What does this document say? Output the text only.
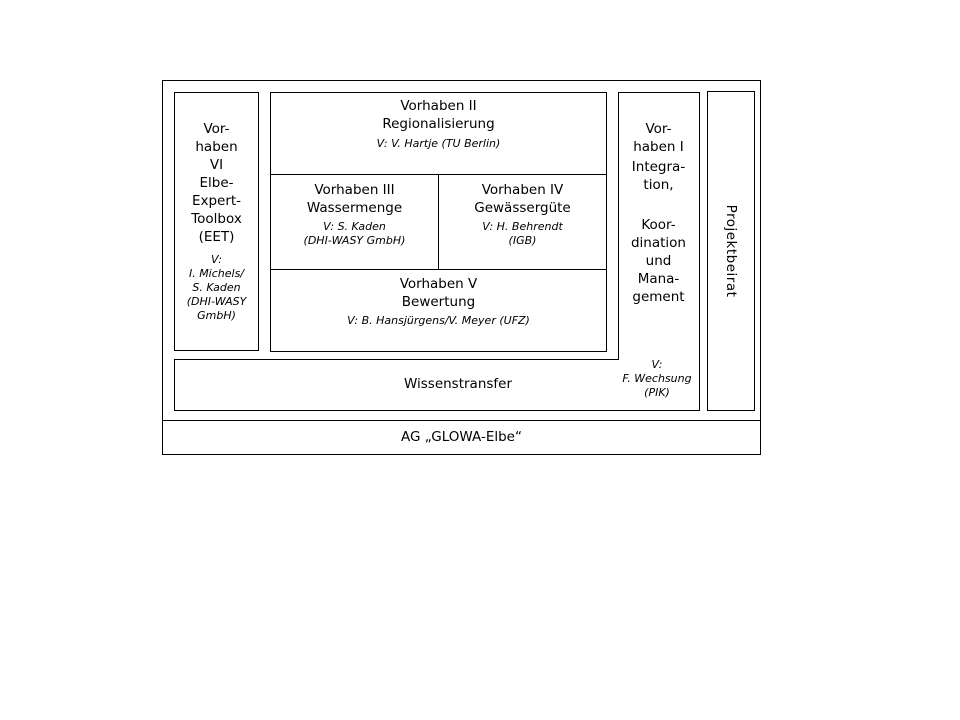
AG „GLOWA-Elbe“
Vor-
haben
VI
Elbe-
Expert-
Toolbox
(EET)
V:
I. Michels/
S. Kaden
(DHI-WASY
GmbH)
Vorhaben II
Regionalisierung
V: V. Hartje (TU Berlin)
Vorhaben III
Wassermenge
V: S. Kaden
(DHI-WASY GmbH)
Vorhaben IV
Gewässergüte
V: H. Behrendt
(IGB)
Vorhaben V
Bewertung
V: B. Hansjürgens/V. Meyer (UFZ)
Vor-
haben I
Integra-
tion,
Koor-
dination
und
Mana-
gement
V:
F. Wechsung
(PIK)
Wissenstransfer
Projektbeirat
